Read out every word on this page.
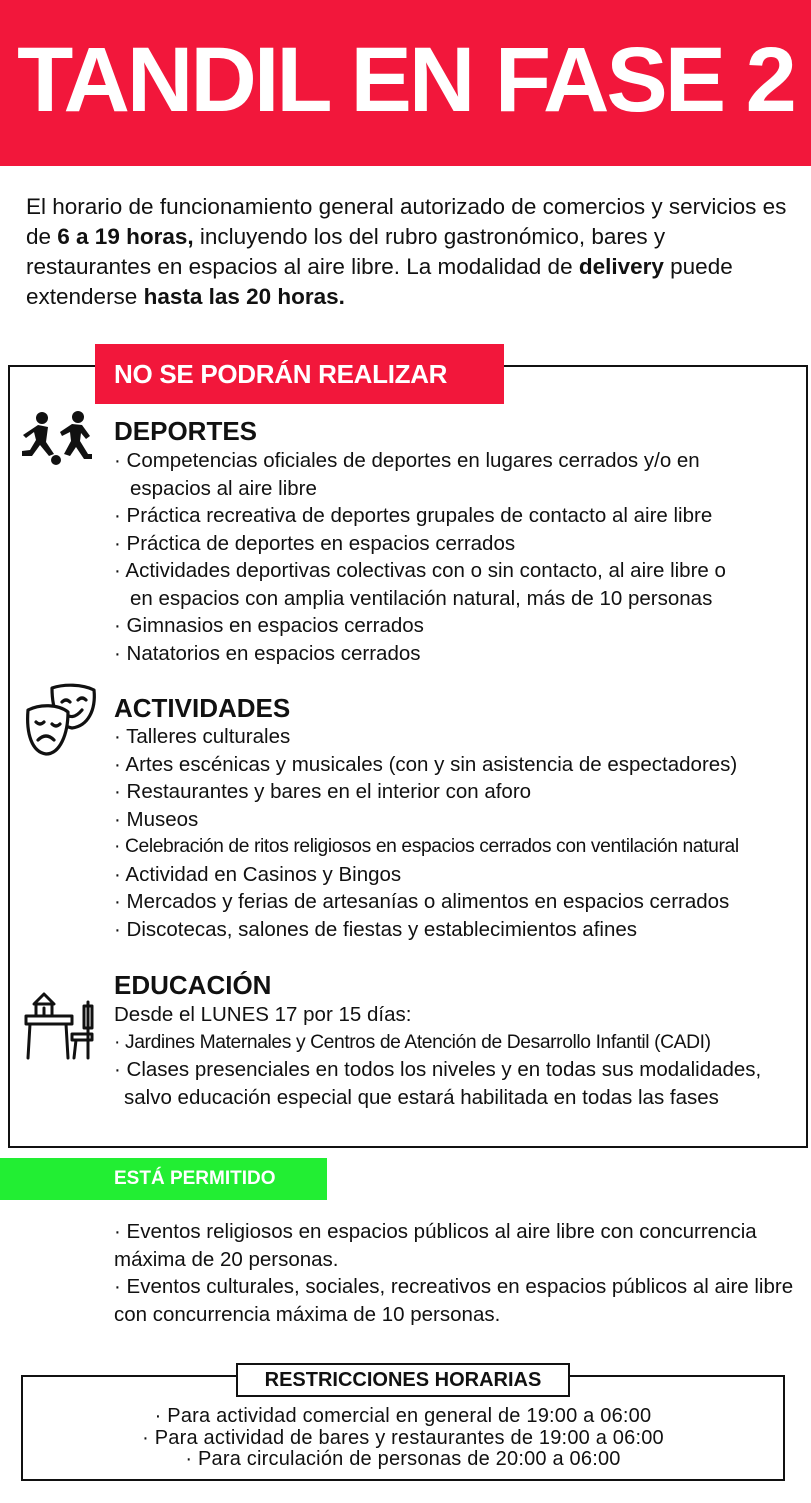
TANDIL EN FASE 2

El horario de funcionamiento general autorizado de comercios y servicios es de 6 a 19 horas, incluyendo los del rubro gastronómico, bares y restaurantes en espacios al aire libre. La modalidad de delivery puede extenderse hasta las 20 horas.

NO SE PODRÁN REALIZAR
DEPORTES
· Competencias oficiales de deportes en lugares cerrados y/o en
espacios al aire libre
· Práctica recreativa de deportes grupales de contacto al aire libre
· Práctica de deportes en espacios cerrados
· Actividades deportivas colectivas con o sin contacto, al aire libre o
en espacios con amplia ventilación natural, más de 10 personas
· Gimnasios en espacios cerrados
· Natatorios en espacios cerrados
ACTIVIDADES
· Talleres culturales
· Artes escénicas y musicales (con y sin asistencia de espectadores)
· Restaurantes y bares en el interior con aforo
· Museos
· Celebración de ritos religiosos en espacios cerrados con ventilación natural
· Actividad en Casinos y Bingos
· Mercados y ferias de artesanías o alimentos en espacios cerrados
· Discotecas, salones de fiestas y establecimientos afines
EDUCACIÓN
Desde el LUNES 17 por 15 días:
· Jardines Maternales y Centros de Atención de Desarrollo Infantil (CADI)
· Clases presenciales en todos los niveles y en todas sus modalidades,
salvo educación especial que estará habilitada en todas las fases
ESTÁ PERMITIDO
· Eventos religiosos en espacios públicos al aire libre con concurrencia máxima de 20 personas.
· Eventos culturales, sociales, recreativos en espacios públicos al aire libre con concurrencia máxima de 10 personas.
RESTRICCIONES HORARIAS
· Para actividad comercial en general de 19:00 a 06:00
· Para actividad de bares y restaurantes de 19:00 a 06:00
· Para circulación de personas de 20:00 a 06:00
